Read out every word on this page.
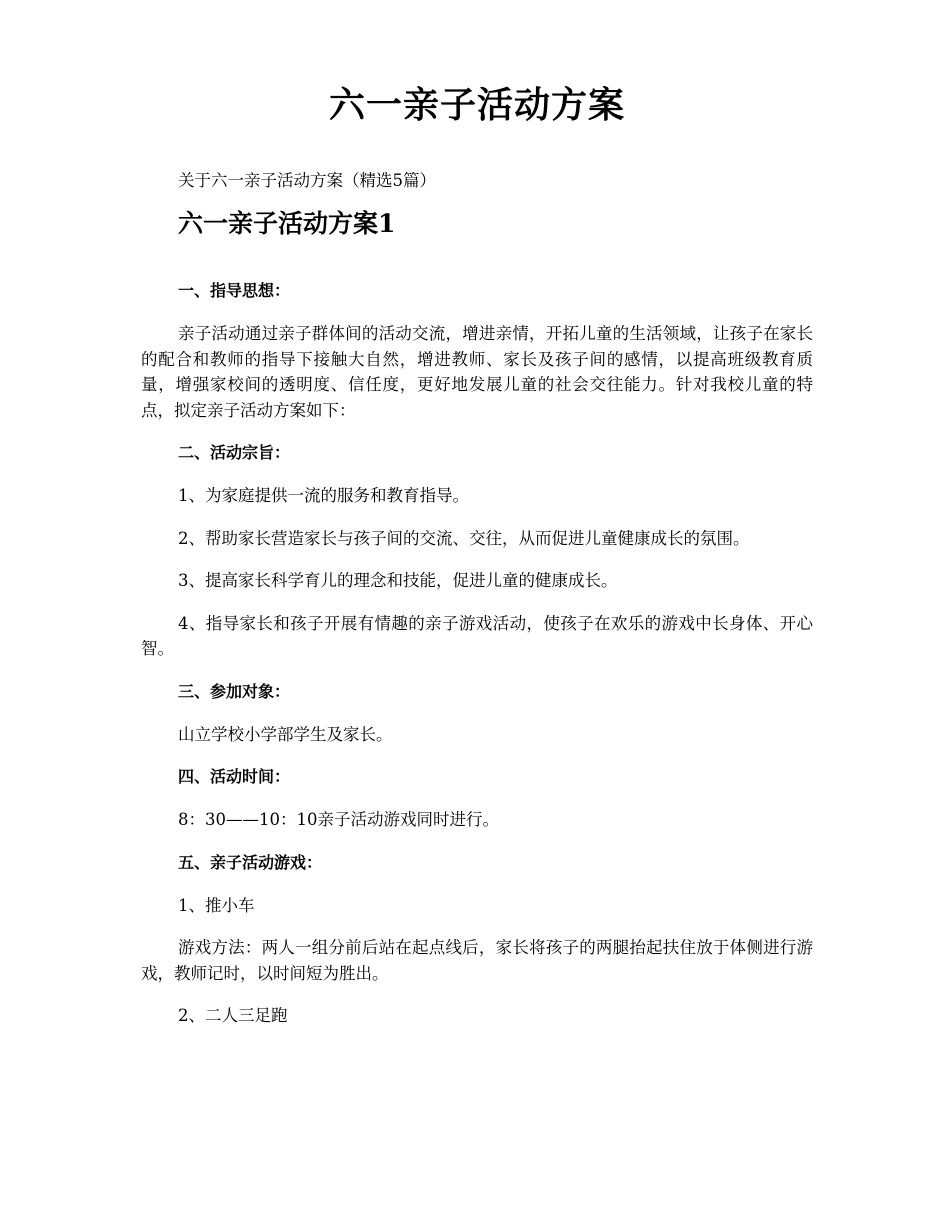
六一亲子活动方案

关于六一亲子活动方案（精选5篇）

六一亲子活动方案1
一、指导思想：

亲子活动通过亲子群体间的活动交流，增进亲情，开拓儿童的生活领域，让孩子在家长的配合和教师的指导下接触大自然，增进教师、家长及孩子间的感情，以提高班级教育质量，增强家校间的透明度、信任度，更好地发展儿童的社会交往能力。针对我校儿童的特点，拟定亲子活动方案如下：

二、活动宗旨：

1、为家庭提供一流的服务和教育指导。

2、帮助家长营造家长与孩子间的交流、交往，从而促进儿童健康成长的氛围。

3、提高家长科学育儿的理念和技能，促进儿童的健康成长。

4、指导家长和孩子开展有情趣的亲子游戏活动，使孩子在欢乐的游戏中长身体、开心智。

三、参加对象：

山立学校小学部学生及家长。

四、活动时间：

8：30——10：10亲子活动游戏同时进行。

五、亲子活动游戏：

1、推小车

游戏方法：两人一组分前后站在起点线后，家长将孩子的两腿抬起扶住放于体侧进行游戏，教师记时，以时间短为胜出。

2、二人三足跑
